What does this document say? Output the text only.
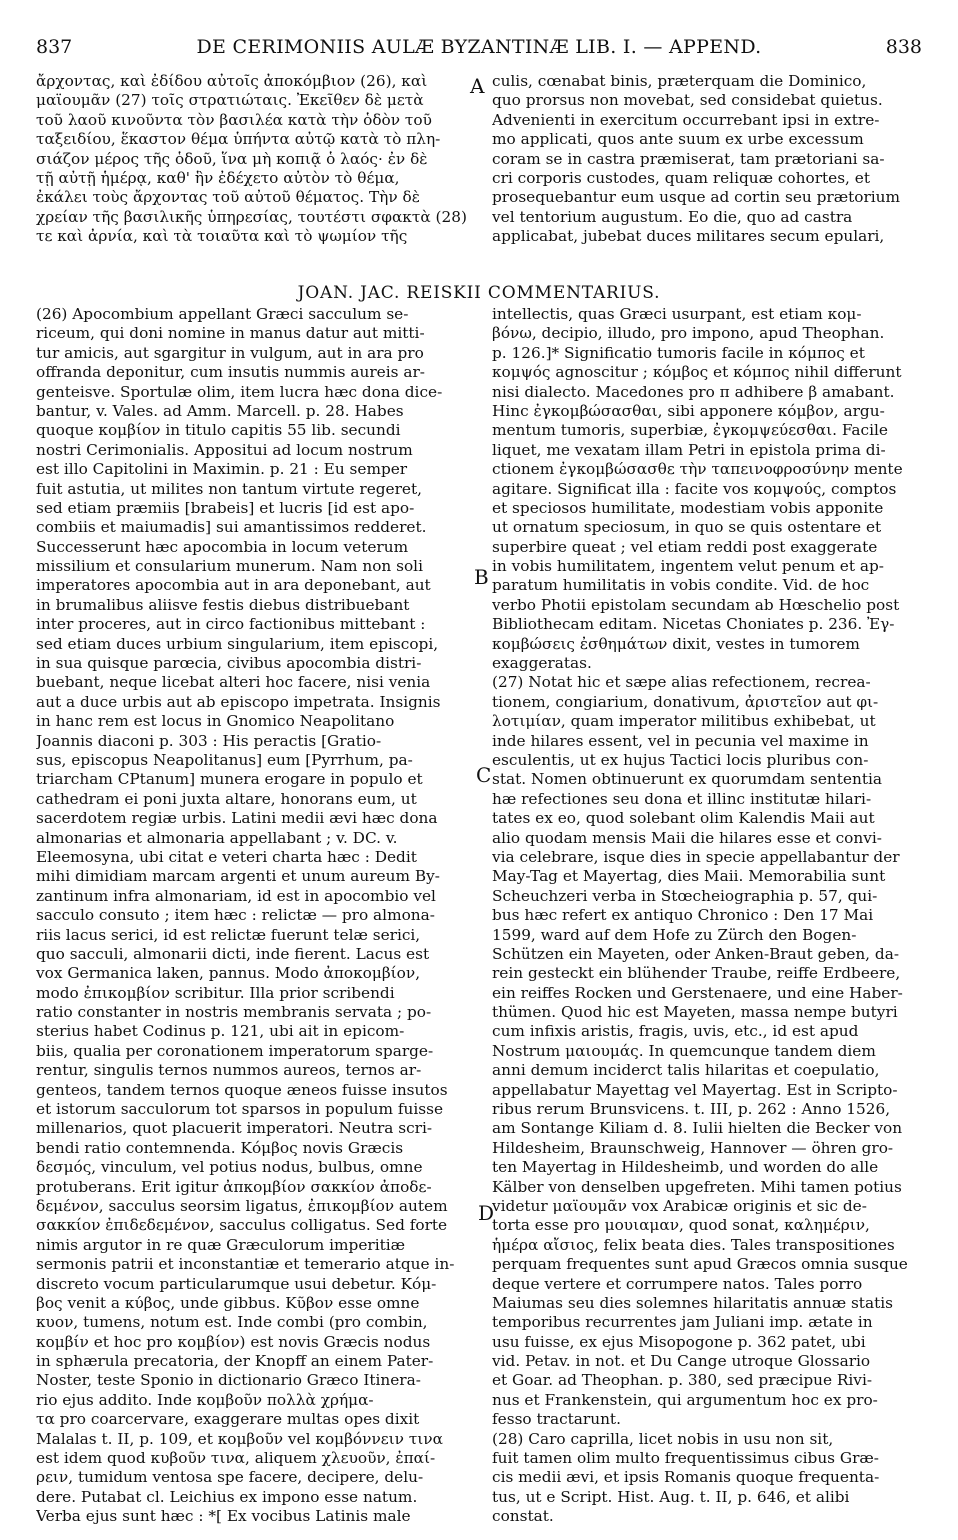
837	DE CERIMONIIS AULÆ BYZANTINÆ LIB. I. — APPEND.	838
ἄρχοντας, καὶ ἐδίδου αὐτοῖς ἀποκόμβιον (26), καὶ
μαϊουμᾶν (27) τοῖς στρατιώταις. Ἐκεῖθεν δὲ μετὰ
τοῦ λαοῦ κινοῦντα τὸν βασιλέα κατὰ τὴν ὁδὸν τοῦ
ταξειδίου, ἕκαστον θέμα ὑπήντα αὐτῷ κατὰ τὸ πλη-
σιάζον μέρος τῆς ὁδοῦ, ἵνα μὴ κοπιᾷ ὁ λαός· ἐν δὲ
τῇ αὐτῇ ἡμέρᾳ, καθ' ἣν ἐδέχετο αὐτὸν τὸ θέμα,
ἐκάλει τοὺς ἄρχοντας τοῦ αὐτοῦ θέματος. Τὴν δὲ
χρείαν τῆς βασιλικῆς ὑπηρεσίας, τουτέστι σφακτὰ (28)
τε καὶ ἀρνία, καὶ τὰ τοιαῦτα καὶ τὸ ψωμίον τῆς
culis, cœnabat binis, præterquam die Dominico,
quo prorsus non movebat, sed considebat quietus.
Advenienti in exercitum occurrebant ipsi in extre-
mo applicati, quos ante suum ex urbe excessum
coram se in castra præmiserat, tam prætoriani sa-
cri corporis custodes, quam reliquæ cohortes, et
prosequebantur eum usque ad cortin seu prætorium
vel tentorium augustum. Eo die, quo ad castra
applicabat, jubebat duces militares secum epulari,
JOAN. JAC. REISKII COMMENTARIUS.
(26) Apocombium appellant Græci sacculum se-
riceum, qui doni nomine in manus datur aut mitti-
tur amicis, aut sgargitur in vulgum, aut in ara pro
offranda deponitur, cum insutis nummis aureis ar-
genteisve. Sportulæ olim, item lucra hæc dona dice-
bantur, v. Vales. ad Amm. Marcell. p. 28. Habes
quoque κομβίον in titulo capitis 55 lib. secundi
nostri Cerimonialis. Appositui ad locum nostrum
est illo Capitolini in Maximin. p. 21 : Eu semper
fuit astutia, ut milites non tantum virtute regeret,
sed etiam præmiis [brabeis] et lucris [id est apo-
combiis et maiumadis] sui amantissimos redderet.
Successerunt hæc apocombia in locum veterum
missilium et consularium munerum. Nam non soli
imperatores apocombia aut in ara deponebant, aut
in brumalibus aliisve festis diebus distribuebant
inter proceres, aut in circo factionibus mittebant :
sed etiam duces urbium singularium, item episcopi,
in sua quisque parœcia, civibus apocombia distri-
buebant, neque licebat alteri hoc facere, nisi venia
aut a duce urbis aut ab episcopo impetrata. Insignis
in hanc rem est locus in Gnomico Neapolitano
Joannis diaconi p. 303 : His peractis [Gratio-
sus, episcopus Neapolitanus] eum [Pyrrhum, pa-
triarcham CPtanum] munera erogare in populo et
cathedram ei poni juxta altare, honorans eum, ut
sacerdotem regiæ urbis. Latini medii ævi hæc dona
almonarias et almonaria appellabant ; v. DC. v.
Eleemosyna, ubi citat e veteri charta hæc : Dedit
mihi dimidiam marcam argenti et unum aureum By-
zantinum infra almonariam, id est in apocombio vel
sacculo consuto ; item hæc : relictæ — pro almona-
riis lacus serici, id est relictæ fuerunt telæ serici,
quo sacculi, almonarii dicti, inde fierent. Lacus est
vox Germanica laken, pannus. Modo ἀποκομβίον,
modo ἐπικομβίον scribitur. Illa prior scribendi
ratio constanter in nostris membranis servata ; po-
sterius habet Codinus p. 121, ubi ait in epicom-
biis, qualia per coronationem imperatorum sparge-
rentur, singulis ternos nummos aureos, ternos ar-
genteos, tandem ternos quoque æneos fuisse insutos
et istorum sacculorum tot sparsos in populum fuisse
millenarios, quot placuerit imperatori. Neutra scri-
bendi ratio contemnenda. Κόμβος novis Græcis
δεσμός, vinculum, vel potius nodus, bulbus, omne
protuberans. Erit igitur ἀπκομβίον σακκίον ἀποδε-
δεμένον, sacculus seorsim ligatus, ἐπικομβίον autem
σακκίον ἐπιδεδεμένον, sacculus colligatus. Sed forte
nimis argutor in re quæ Græculorum imperitiæ
sermonis patrii et inconstantiæ et temerario atque in-
discreto vocum particularumque usui debetur. Κόμ-
βος venit a κύβος, unde gibbus. Κῦβον esse omne
κυον, tumens, notum est. Inde combi (pro combin,
κομβίν et hoc pro κομβίον) est novis Græcis nodus
in sphærula precatoria, der Knopff an einem Pater-
Noster, teste Sponio in dictionario Græco Itinera-
rio ejus addito. Inde κομβοῦν πολλὰ χρήμα-
τα pro coarcervare, exaggerare multas opes dixit
Malalas t. II, p. 109, et κομβοῦν vel κομβόννειν τινα
est idem quod κυβοῦν τινα, aliquem χλευοῦν, ἐπαί-
ρειν, tumidum ventosa spe facere, decipere, delu-
dere. Putabat cl. Leichius ex impono esse natum.
Verba ejus sunt hæc : *[ Ex vocibus Latinis male
intellectis, quas Græci usurpant, est etiam κομ-
βόνω, decipio, illudo, pro impono, apud Theophan.
p. 126.]* Significatio tumoris facile in κόμπος et
κομψός agnoscitur ; κόμβος et κόμπος nihil differunt
nisi dialecto. Macedones pro π adhibere β amabant.
Hinc ἐγκομβώσασθαι, sibi apponere κόμβον, argu-
mentum tumoris, superbiæ, ἐγκομψεύεσθαι. Facile
liquet, me vexatam illam Petri in epistola prima di-
ctionem ἐγκομβώσασθε τὴν ταπεινοφροσύνην mente
agitare. Significat illa : facite vos κομψούς, comptos
et speciosos humilitate, modestiam vobis apponite
ut ornatum speciosum, in quo se quis ostentare et
superbire queat ; vel etiam reddi post exaggerate
in vobis humilitatem, ingentem velut penum et ap-
paratum humilitatis in vobis condite. Vid. de hoc
verbo Photii epistolam secundam ab Hœschelio post
Bibliothecam editam. Nicetas Choniates p. 236. Ἐγ-
κομβώσεις ἐσθημάτων dixit, vestes in tumorem
exaggeratas.
(27) Notat hic et sæpe alias refectionem, recrea-
tionem, congiarium, donativum, ἀριστεῖον aut φι-
λοτιμίαν, quam imperator militibus exhibebat, ut
inde hilares essent, vel in pecunia vel maxime in
esculentis, ut ex hujus Tactici locis pluribus con-
stat. Nomen obtinuerunt ex quorumdam sententia
hæ refectiones seu dona et illinc institutæ hilari-
tates ex eo, quod solebant olim Kalendis Maii aut
alio quodam mensis Maii die hilares esse et convi-
via celebrare, isque dies in specie appellabantur der
May-Tag et Mayertag, dies Maii. Memorabilia sunt
Scheuchzeri verba in Stœcheiographia p. 57, qui-
bus hæc refert ex antiquo Chronico : Den 17 Mai
1599, ward auf dem Hofe zu Zürch den Bogen-
Schützen ein Mayeten, oder Anken-Braut geben, da-
rein gesteckt ein blühender Traube, reiffe Erdbeere,
ein reiffes Rocken und Gerstenaere, und eine Haber-
thümen. Quod hic est Mayeten, massa nempe butyri
cum infixis aristis, fragis, uvis, etc., id est apud
Nostrum μαιουμάς. In quemcunque tandem diem
anni demum inciderct talis hilaritas et coepulatio,
appellabatur Mayettag vel Mayertag. Est in Scripto-
ribus rerum Brunsvicens. t. III, p. 262 : Anno 1526,
am Sontange Kiliam d. 8. Iulii hielten die Becker von
Hildesheim, Braunschweig, Hannover — öhren gro-
ten Mayertag in Hildesheimb, und worden do alle
Kälber von denselben upgefreten. Mihi tamen potius
videtur μαϊουμᾶν vox Arabicæ originis et sic de-
torta esse pro μουιαμαν, quod sonat, καλημέριν,
ἡμέρα αἴσιος, felix beata dies. Tales transpositiones
perquam frequentes sunt apud Græcos omnia susque
deque vertere et corrumpere natos. Tales porro
Maiumas seu dies solemnes hilaritatis annuæ statis
temporibus recurrentes jam Juliani imp. ætate in
usu fuisse, ex ejus Misopogone p. 362 patet, ubi
vid. Petav. in not. et Du Cange utroque Glossario
et Goar. ad Theophan. p. 380, sed præcipue Rivi-
nus et Frankenstein, qui argumentum hoc ex pro-
fesso tractarunt.
(28) Caro caprilla, licet nobis in usu non sit,
fuit tamen olim multo frequentissimus cibus Græ-
cis medii ævi, et ipsis Romanis quoque frequenta-
tus, ut e Script. Hist. Aug. t. II, p. 646, et alibi
constat.
A
B
C
D
